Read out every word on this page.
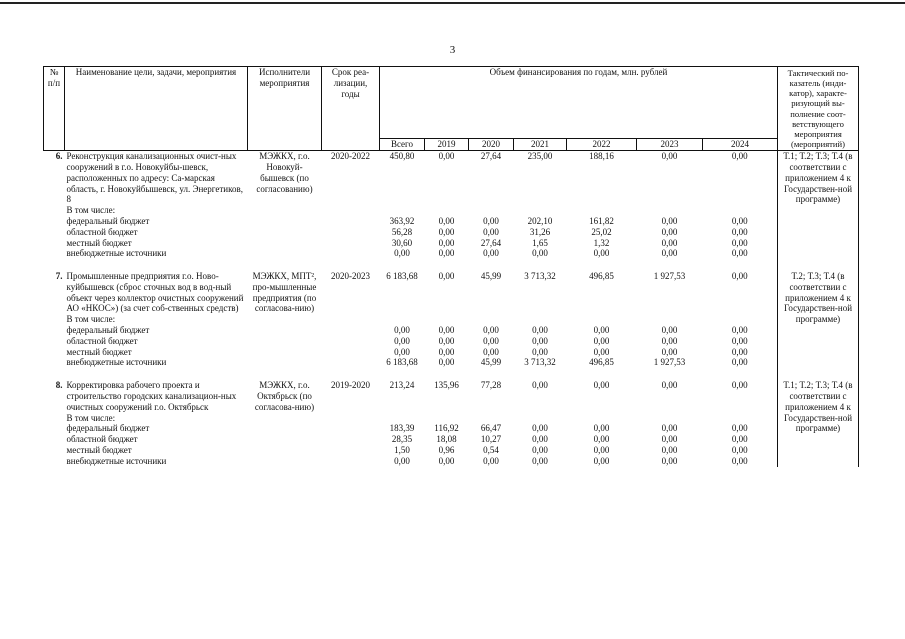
3
№ п/п	Наименование цели, задачи, мероприятия	Исполнители мероприятия	Срок реа-лизации, годы	Объем финансирования по годам, млн. рублей							Тактический по-казатель (инди-катор), характе-ризующий вы-полнение соот-ветствующего мероприятия (мероприятий)
				Всего	2019	2020	2021	2022	2023	2024	
6.	Реконструкция канализационных очист-ных сооружений в г.о. Новокуйбы-шевск, расположенных по адресу: Са-марская область, г. Новокуйбышевск, ул. Энергетиков, 8	МЭЖКХ, г.о. Новокуй-бышевск (по согласованию)	2020-2022	450,80	0,00	27,64	235,00	188,16	0,00	0,00	Т.1; Т.2; Т.3; Т.4 (в соответствии с приложением 4 к Государствен-ной программе)
	В том числе:										
	федеральный бюджет			363,92	0,00	0,00	202,10	161,82	0,00	0,00	
	областной бюджет			56,28	0,00	0,00	31,26	25,02	0,00	0,00	
	местный бюджет			30,60	0,00	27,64	1,65	1,32	0,00	0,00	
	внебюджетные источники			0,00	0,00	0,00	0,00	0,00	0,00	0,00	

7.	Промышленные предприятия г.о. Ново-куйбышевск (сброс сточных вод в вод-ный объект через коллектор очистных сооружений АО «НКОС») (за счет соб-ственных средств)	МЭЖКХ, МПТ², про-мышленные предприятия (по согласова-нию)	2020-2023	6 183,68	0,00	45,99	3 713,32	496,85	1 927,53	0,00	Т.2; Т.3; Т.4 (в соответствии с приложением 4 к Государствен-ной программе)
	В том числе:										
	федеральный бюджет			0,00	0,00	0,00	0,00	0,00	0,00	0,00	
	областной бюджет			0,00	0,00	0,00	0,00	0,00	0,00	0,00	
	местный бюджет			0,00	0,00	0,00	0,00	0,00	0,00	0,00	
	внебюджетные источники			6 183,68	0,00	45,99	3 713,32	496,85	1 927,53	0,00	

8.	Корректировка рабочего проекта и строительство городских канализацион-ных очистных сооружений г.о. Октябрьск	МЭЖКХ, г.о. Октябрьск (по согласова-нию)	2019-2020	213,24	135,96	77,28	0,00	0,00	0,00	0,00	Т.1; Т.2; Т.3; Т.4 (в соответствии с приложением 4 к Государствен-ной программе)
	В том числе:										
	федеральный бюджет			183,39	116,92	66,47	0,00	0,00	0,00	0,00	
	областной бюджет			28,35	18,08	10,27	0,00	0,00	0,00	0,00	
	местный бюджет			1,50	0,96	0,54	0,00	0,00	0,00	0,00	
	внебюджетные источники			0,00	0,00	0,00	0,00	0,00	0,00	0,00	
